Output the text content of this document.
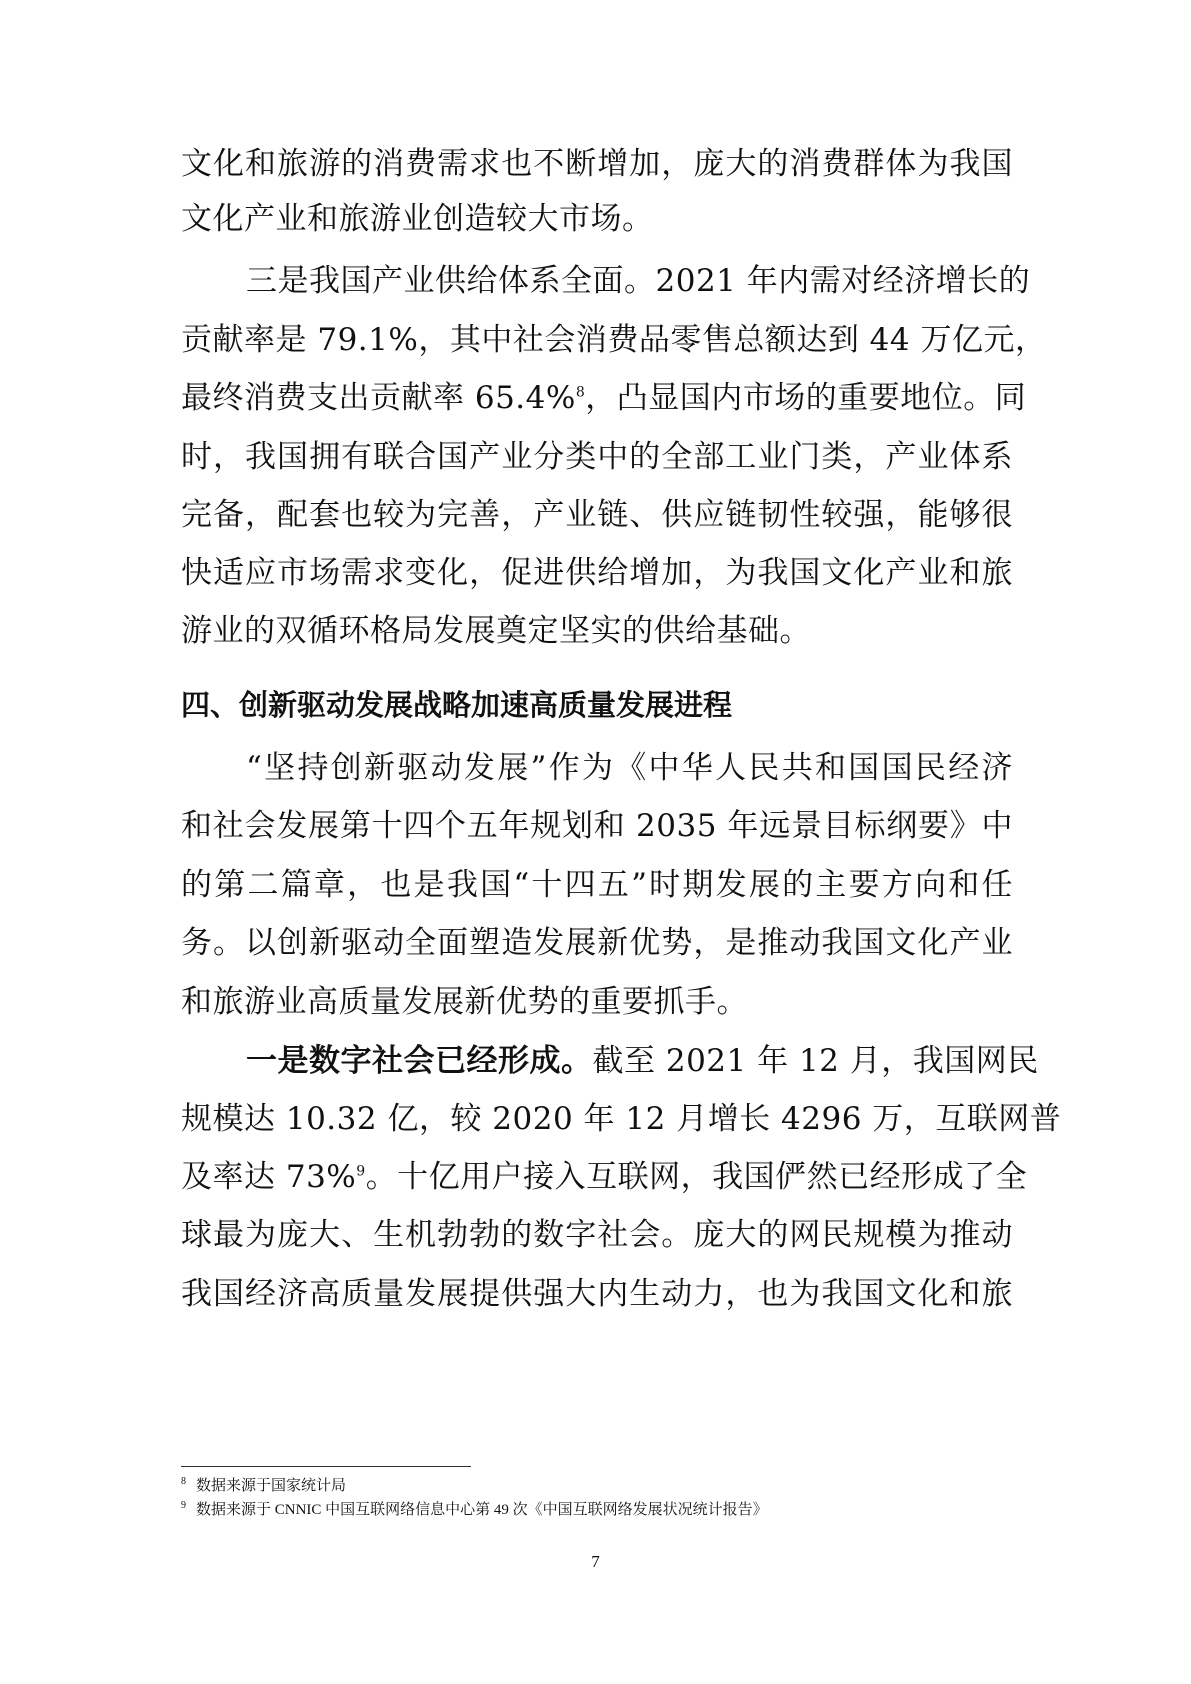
文化和旅游的消费需求也不断增加，庞大的消费群体为我国
文化产业和旅游业创造较大市场。
三是我国产业供给体系全面。2021 年内需对经济增长的
贡献率是 79.1%，其中社会消费品零售总额达到 44 万亿元，
最终消费支出贡献率 65.4%$^8$，凸显国内市场的重要地位。同
时，我国拥有联合国产业分类中的全部工业门类，产业体系
完备，配套也较为完善，产业链、供应链韧性较强，能够很
快适应市场需求变化，促进供给增加，为我国文化产业和旅
游业的双循环格局发展奠定坚实的供给基础。
四、创新驱动发展战略加速高质量发展进程
“坚持创新驱动发展”作为《中华人民共和国国民经济
和社会发展第十四个五年规划和 2035 年远景目标纲要》中
的第二篇章，也是我国“十四五”时期发展的主要方向和任
务。以创新驱动全面塑造发展新优势，是推动我国文化产业
和旅游业高质量发展新优势的重要抓手。
一是数字社会已经形成。截至 2021 年 12 月，我国网民
规模达 10.32 亿，较 2020 年 12 月增长 4296 万，互联网普
及率达 73%$^9$。十亿用户接入互联网，我国俨然已经形成了全
球最为庞大、生机勃勃的数字社会。庞大的网民规模为推动
我国经济高质量发展提供强大内生动力，也为我国文化和旅
$^8$ 数据来源于国家统计局
$^9$ 数据来源于 CNNIC 中国互联网络信息中心第 49 次《中国互联网络发展状况统计报告》
7
